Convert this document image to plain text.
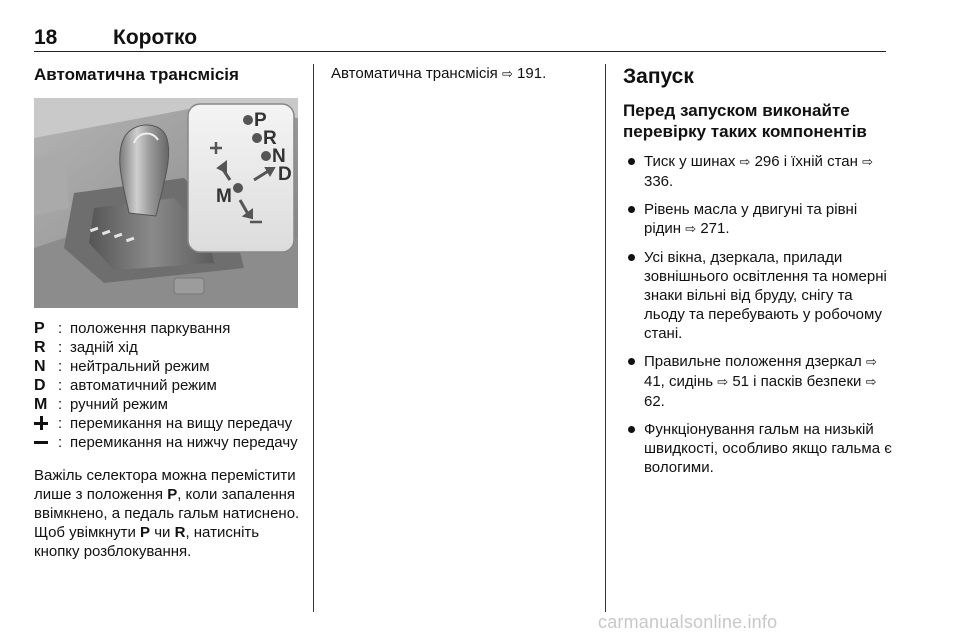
18	Коротко
Автоматична трансмісія
P
R
N
D
M
P : положення паркування
R : задній хід
N : нейтральний режим
D : автоматичний режим
M : ручний режим
: перемикання на вищу передачу
: перемикання на нижчу передачу

Важіль селектора можна перемістити лише з положення P, коли запалення ввімкнено, а педаль гальм натиснено. Щоб увімкнути P чи R, натисніть кнопку розблокування.

Автоматична трансмісія ⇨ 191.	Запуск
Перед запуском виконайте перевірку таких компонентів
Тиск у шинах ⇨ 296 і їхній стан ⇨ 336.
Рівень масла у двигуні та рівні рідин ⇨ 271.
Усі вікна, дзеркала, прилади зовнішнього освітлення та номерні знаки вільні від бруду, снігу та льоду та перебувають у робочому стані.
Правильне положення дзеркал ⇨ 41, сидінь ⇨ 51 і пасків безпеки ⇨ 62.
Функціонування гальм на низькій швидкості, особливо якщо гальма є вологими.
carmanualsonline.info
